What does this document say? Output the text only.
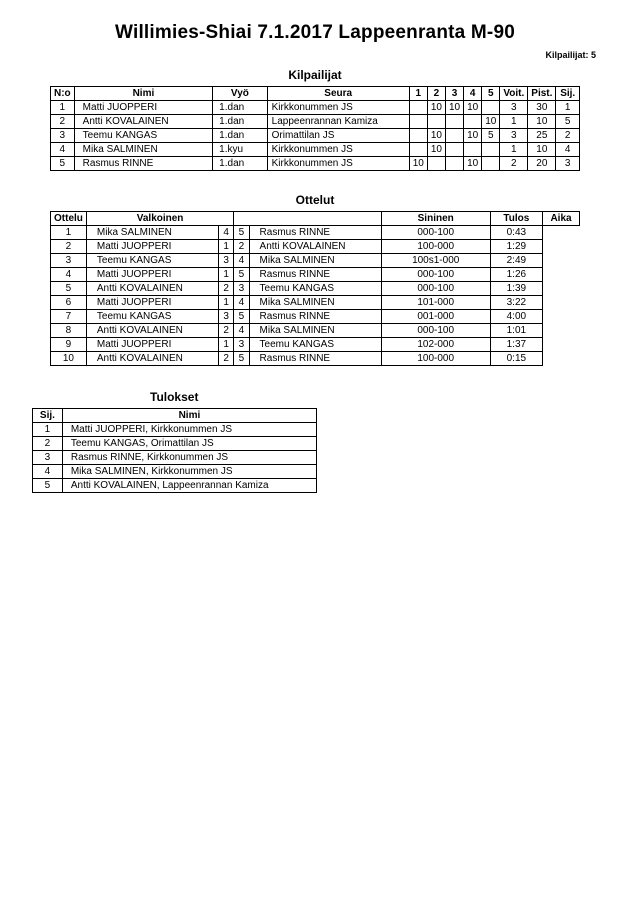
Willimies-Shiai 7.1.2017 Lappeenranta M-90
Kilpailijat: 5
Kilpailijat
N:o	Nimi	Vyö	Seura	1	2	3	4	5	Voit.	Pist.	Sij.
1	Matti JUOPPERI	1.dan	Kirkkonummen JS		10	10	10		3	30	1
2	Antti KOVALAINEN	1.dan	Lappeenrannan Kamiza					10	1	10	5
3	Teemu KANGAS	1.dan	Orimattilan JS		10		10	5	3	25	2
4	Mika SALMINEN	1.kyu	Kirkkonummen JS		10				1	10	4
5	Rasmus RINNE	1.dan	Kirkkonummen JS	10			10		2	20	3
Ottelut
Ottelu	Valkoinen				Sininen	Tulos	Aika
1	Mika SALMINEN	4	5	Rasmus RINNE	000-100	0:43	
2	Matti JUOPPERI	1	2	Antti KOVALAINEN	100-000	1:29	
3	Teemu KANGAS	3	4	Mika SALMINEN	100s1-000	2:49	
4	Matti JUOPPERI	1	5	Rasmus RINNE	000-100	1:26	
5	Antti KOVALAINEN	2	3	Teemu KANGAS	000-100	1:39	
6	Matti JUOPPERI	1	4	Mika SALMINEN	101-000	3:22	
7	Teemu KANGAS	3	5	Rasmus RINNE	001-000	4:00	
8	Antti KOVALAINEN	2	4	Mika SALMINEN	000-100	1:01	
9	Matti JUOPPERI	1	3	Teemu KANGAS	102-000	1:37	
10	Antti KOVALAINEN	2	5	Rasmus RINNE	100-000	0:15	
Tulokset
Sij.	Nimi
1	Matti JUOPPERI, Kirkkonummen JS
2	Teemu KANGAS, Orimattilan JS
3	Rasmus RINNE, Kirkkonummen JS
4	Mika SALMINEN, Kirkkonummen JS
5	Antti KOVALAINEN, Lappeenrannan Kamiza
